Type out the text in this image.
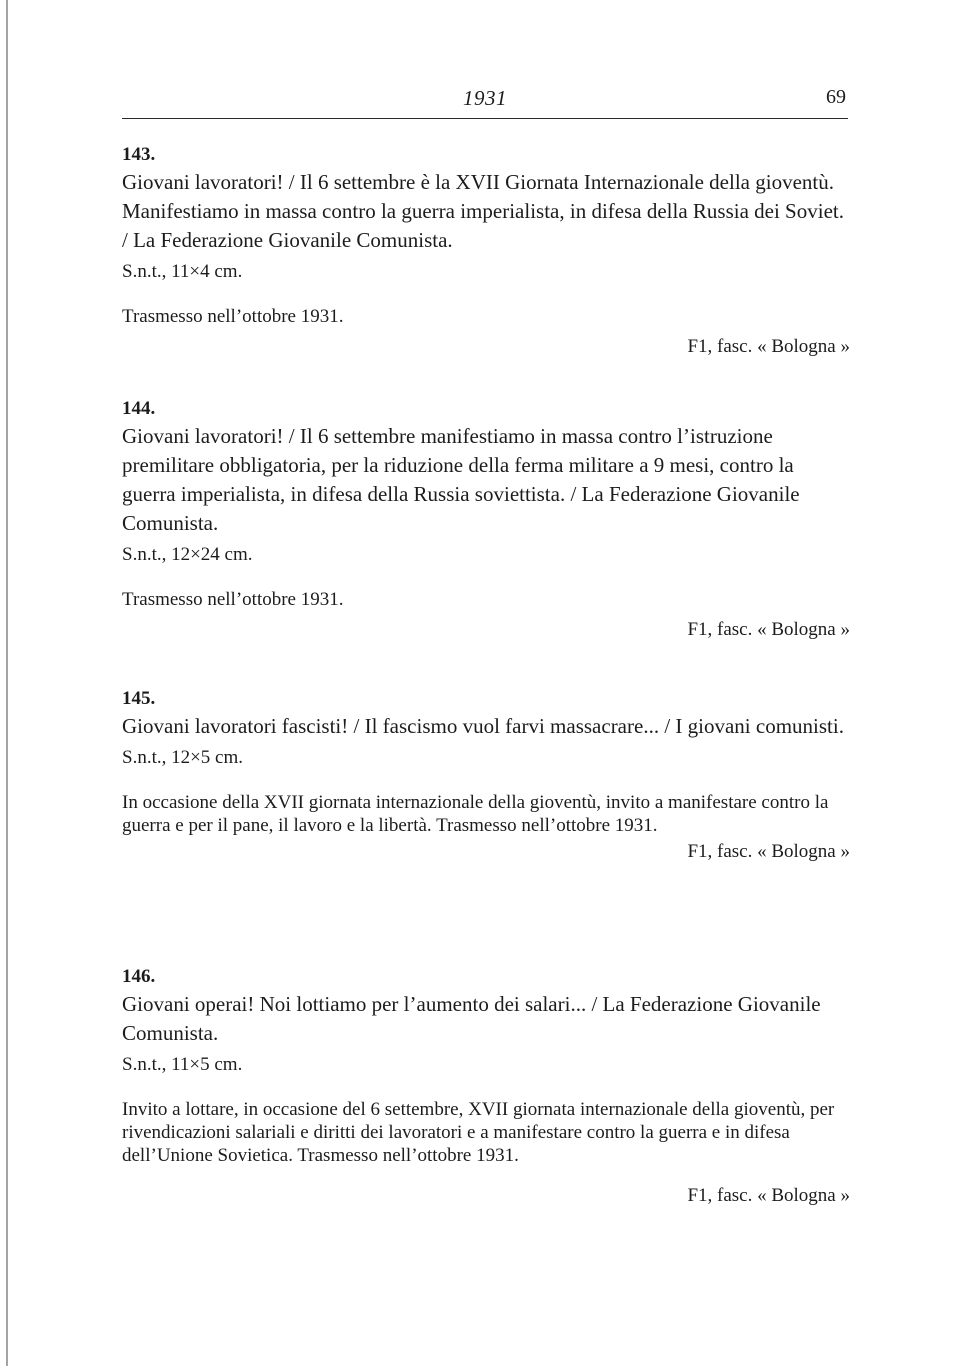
1931	69
143.

Giovani lavoratori! / Il 6 settembre è la XVII Giornata Internazionale della gioventù. Manifestiamo in massa contro la guerra imperialista, in difesa della Russia dei Soviet. / La Federazione Giovanile Comunista.

S.n.t., 11×4 cm.
Trasmesso nell’ottobre 1931.
F1, fasc. « Bologna »
144.

Giovani lavoratori! / Il 6 settembre manifestiamo in massa contro l’istruzione premilitare obbligatoria, per la riduzione della ferma militare a 9 mesi, contro la guerra imperialista, in difesa della Russia soviettista. / La Federazione Giovanile Comunista.

S.n.t., 12×24 cm.
Trasmesso nell’ottobre 1931.
F1, fasc. « Bologna »
145.

Giovani lavoratori fascisti! / Il fascismo vuol farvi massacrare... / I giovani comunisti.

S.n.t., 12×5 cm.
In occasione della XVII giornata internazionale della gioventù, invito a manifestare contro la guerra e per il pane, il lavoro e la libertà. Trasmesso nell’ottobre 1931.
F1, fasc. « Bologna »
146.

Giovani operai! Noi lottiamo per l’aumento dei salari... / La Federazione Giovanile Comunista.

S.n.t., 11×5 cm.
Invito a lottare, in occasione del 6 settembre, XVII giornata internazionale della gioventù, per rivendicazioni salariali e diritti dei lavoratori e a manifestare contro la guerra e in difesa dell’Unione Sovietica. Trasmesso nell’ottobre 1931.
F1, fasc. « Bologna »
